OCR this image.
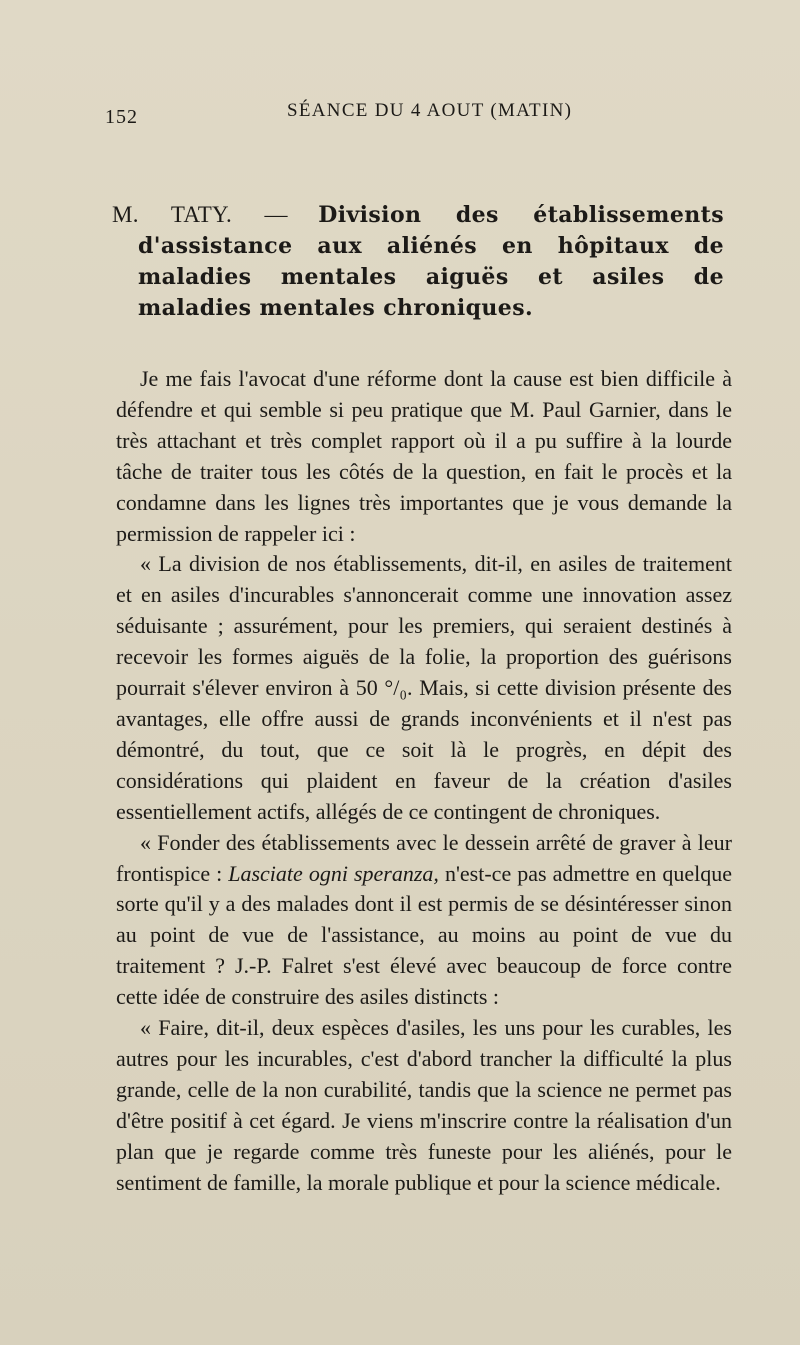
152	SÉANCE DU 4 AOUT (MATIN)

M. TATY. — Division des établissements d'assistance aux aliénés en hôpitaux de maladies mentales aiguës et asiles de maladies mentales chroniques.

Je me fais l'avocat d'une réforme dont la cause est bien difficile à défendre et qui semble si peu pratique que M. Paul Garnier, dans le très attachant et très complet rapport où il a pu suffire à la lourde tâche de traiter tous les côtés de la question, en fait le procès et la condamne dans les lignes très importantes que je vous demande la permission de rappeler ici :

« La division de nos établissements, dit-il, en asiles de traitement et en asiles d'incurables s'annoncerait comme une innovation assez séduisante ; assurément, pour les premiers, qui seraient destinés à recevoir les formes aiguës de la folie, la proportion des guérisons pourrait s'élever environ à 50 °/₀. Mais, si cette division présente des avantages, elle offre aussi de grands inconvénients et il n'est pas démontré, du tout, que ce soit là le progrès, en dépit des considérations qui plaident en faveur de la création d'asiles essentiellement actifs, allégés de ce contingent de chroniques.

« Fonder des établissements avec le dessein arrêté de graver à leur frontispice : Lasciate ogni speranza, n'est-ce pas admettre en quelque sorte qu'il y a des malades dont il est permis de se désintéresser sinon au point de vue de l'assistance, au moins au point de vue du traitement ? J.-P. Falret s'est élevé avec beaucoup de force contre cette idée de construire des asiles distincts :

« Faire, dit-il, deux espèces d'asiles, les uns pour les curables, les autres pour les incurables, c'est d'abord trancher la difficulté la plus grande, celle de la non curabilité, tandis que la science ne permet pas d'être positif à cet égard. Je viens m'inscrire contre la réalisation d'un plan que je regarde comme très funeste pour les aliénés, pour le sentiment de famille, la morale publique et pour la science médicale.
